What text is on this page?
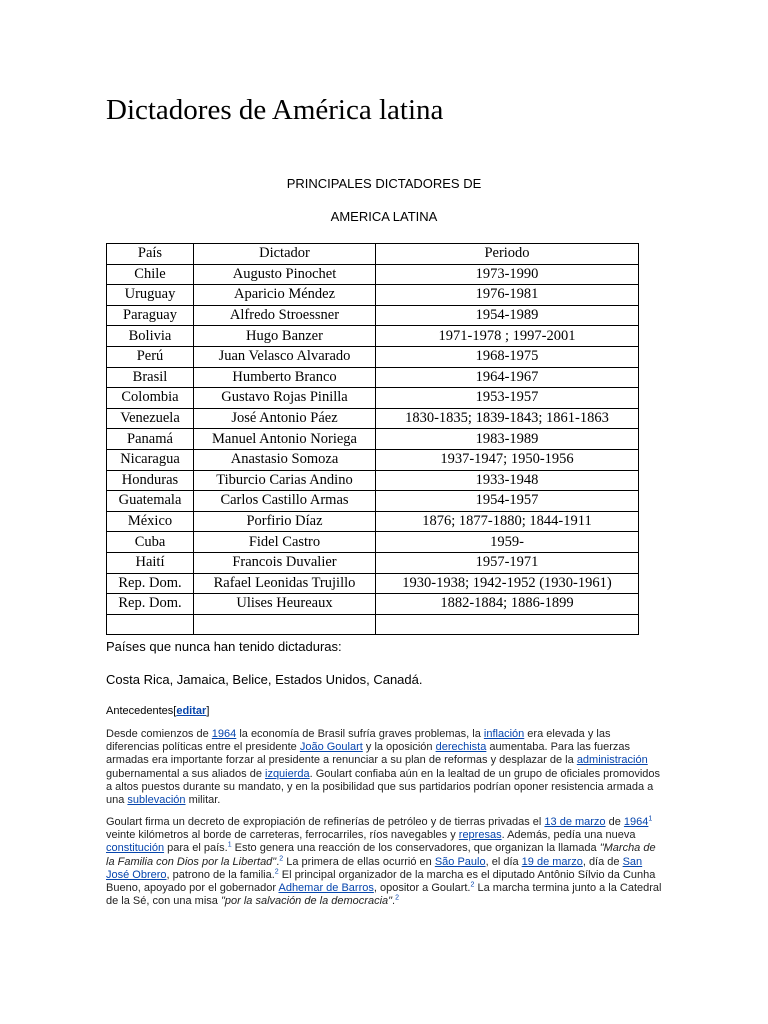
Dictadores de América latina
PRINCIPALES DICTADORES DE
AMERICA LATINA
País	Dictador	Periodo
Chile	Augusto Pinochet	1973-1990
Uruguay	Aparicio Méndez	1976-1981
Paraguay	Alfredo Stroessner	1954-1989
Bolivia	Hugo Banzer	1971-1978 ; 1997-2001
Perú	Juan Velasco Alvarado	1968-1975
Brasil	Humberto Branco	1964-1967
Colombia	Gustavo Rojas Pinilla	1953-1957
Venezuela	José Antonio Páez	1830-1835; 1839-1843; 1861-1863
Panamá	Manuel Antonio Noriega	1983-1989
Nicaragua	Anastasio Somoza	1937-1947; 1950-1956
Honduras	Tiburcio Carias Andino	1933-1948
Guatemala	Carlos Castillo Armas	1954-1957
México	Porfirio Díaz	1876; 1877-1880; 1844-1911
Cuba	Fidel Castro	1959-
Haití	Francois Duvalier	1957-1971
Rep. Dom.	Rafael Leonidas Trujillo	1930-1938; 1942-1952 (1930-1961)
Rep. Dom.	Ulises Heureaux	1882-1884; 1886-1899

Países que nunca han tenido dictaduras:
Costa Rica, Jamaica, Belice, Estados Unidos, Canadá.
Antecedentes[editar]
Desde comienzos de 1964 la economía de Brasil sufría graves problemas, la inflación era elevada y las diferencias políticas entre el presidente João Goulart y la oposición derechista aumentaba. Para las fuerzas armadas era importante forzar al presidente a renunciar a su plan de reformas y desplazar de la administración gubernamental a sus aliados de izquierda. Goulart confiaba aún en la lealtad de un grupo de oficiales promovidos a altos puestos durante su mandato, y en la posibilidad que sus partidarios podrían oponer resistencia armada a una sublevación militar.
Goulart firma un decreto de expropiación de refinerías de petróleo y de tierras privadas el 13 de marzo de 1964$^1$ veinte kilómetros al borde de carreteras, ferrocarriles, ríos navegables y represas. Además, pedía una nueva constitución para el país.$^1$ Esto genera una reacción de los conservadores, que organizan la llamada "Marcha de la Familia con Dios por la Libertad".$^2$ La primera de ellas ocurrió en São Paulo, el día 19 de marzo, día de San José Obrero, patrono de la familia.$^2$ El principal organizador de la marcha es el diputado Antônio Sílvio da Cunha Bueno, apoyado por el gobernador Adhemar de Barros, opositor a Goulart.$^2$ La marcha termina junto a la Catedral de la Sé, con una misa "por la salvación de la democracia".$^2$
